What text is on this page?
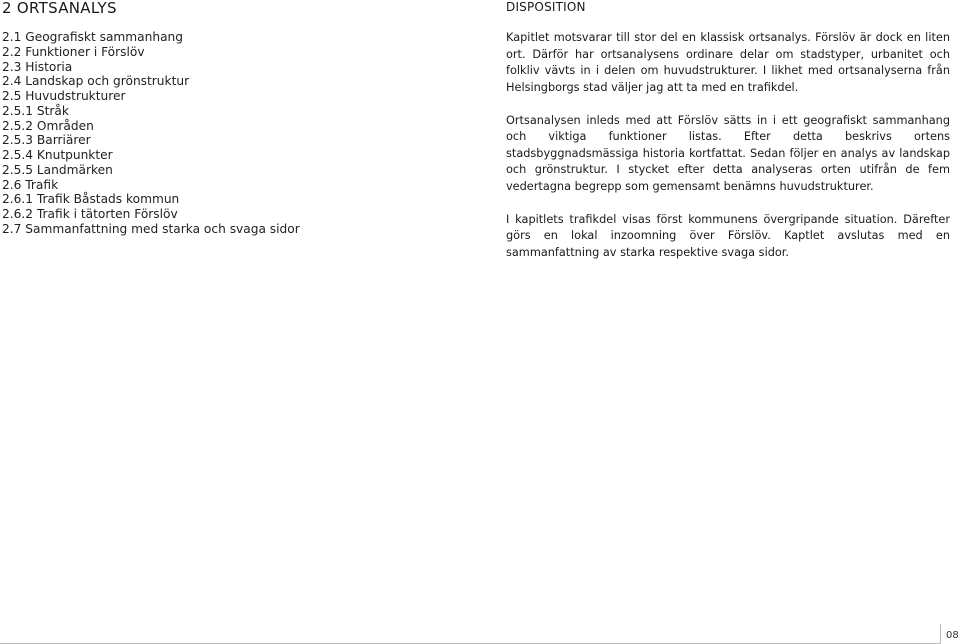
2 ORTSANALYS
2.1 Geografiskt sammanhang
2.2 Funktioner i Förslöv
2.3 Historia
2.4 Landskap och grönstruktur
2.5 Huvudstrukturer
2.5.1 Stråk
2.5.2 Områden
2.5.3 Barriärer
2.5.4 Knutpunkter
2.5.5 Landmärken
2.6 Trafik
2.6.1 Trafik Båstads kommun
2.6.2 Trafik i tätorten Förslöv
2.7 Sammanfattning med starka och svaga sidor
DISPOSITION

Kapitlet motsvarar till stor del en klassisk ortsanalys. Förslöv är dock en liten ort. Därför har ortsanalysens ordinare delar om stadstyper, urbanitet och folkliv vävts in i delen om huvudstrukturer. I likhet med ortsanalyserna från Helsingborgs stad väljer jag att ta med en trafikdel.

Ortsanalysen inleds med att Förslöv sätts in i ett geografiskt sammanhang och viktiga funktioner listas. Efter detta beskrivs ortens stadsbyggnadsmässiga historia kortfattat. Sedan följer en analys av landskap och grönstruktur. I stycket efter detta analyseras orten utifrån de fem vedertagna begrepp som gemensamt benämns huvudstrukturer.

I kapitlets trafikdel visas först kommunens övergripande situation. Därefter görs en lokal inzoomning över Förslöv. Kaptlet avslutas med en sammanfattning av starka respektive svaga sidor.

08
